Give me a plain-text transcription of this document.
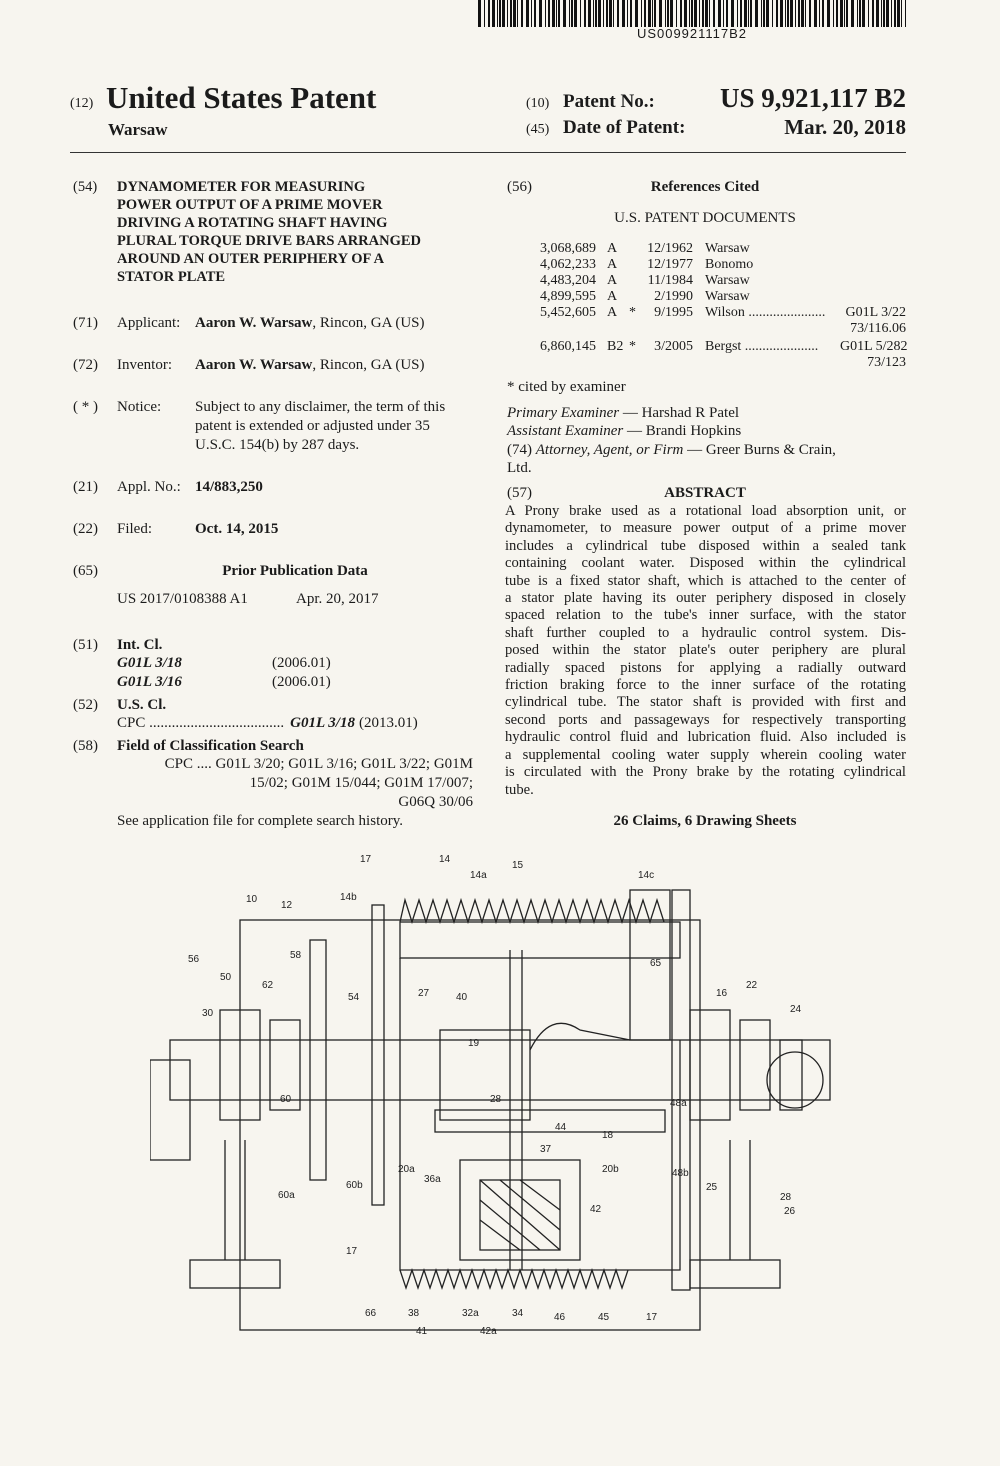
US009921117B2
(12) United States Patent
Warsaw
(10) Patent No.: US 9,921,117 B2
(45) Date of Patent:	Mar. 20, 2018
(54) DYNAMOMETER FOR MEASURING
POWER OUTPUT OF A PRIME MOVER
DRIVING A ROTATING SHAFT HAVING
PLURAL TORQUE DRIVE BARS ARRANGED
AROUND AN OUTER PERIPHERY OF A
STATOR PLATE
(71) Applicant: Aaron W. Warsaw, Rincon, GA (US)
(72) Inventor: Aaron W. Warsaw, Rincon, GA (US)
( * ) Notice: Subject to any disclaimer, the term of this
patent is extended or adjusted under 35
U.S.C. 154(b) by 287 days.
(21) Appl. No.: 14/883,250
(22) Filed:	Oct. 14, 2015
(65)	Prior Publication Data
US 2017/0108388 A1	Apr. 20, 2017
(51) Int. Cl.
G01L 3/18	(2006.01)
G01L 3/16	(2006.01)
(52) U.S. Cl.
CPC .................................... G01L 3/18 (2013.01)
(58) Field of Classification Search
CPC .... G01L 3/20; G01L 3/16; G01L 3/22; G01M
15/02; G01M 15/044; G01M 17/007;
G06Q 30/06
See application file for complete search history.
(56)	References Cited
U.S. PATENT DOCUMENTS
3,068,689 A 12/1962 Warsaw
4,062,233 A 12/1977 Bonomo
4,483,204 A 11/1984 Warsaw
4,899,595 A	2/1990 Warsaw
5,452,605 A *	9/1995 Wilson ......................	G01L 3/22
73/116.06
6,860,145 B2 *	3/2005 Bergst ..................... G01L 5/282
73/123
* cited by examiner
Primary Examiner — Harshad R Patel
Assistant Examiner — Brandi Hopkins
(74) Attorney, Agent, or Firm — Greer Burns & Crain,
Ltd.
(57)	ABSTRACT
A Prony brake used as a rotational load absorption unit, or
dynamometer, to measure power output of a prime mover
includes a cylindrical tube disposed within a sealed tank
containing coolant water. Disposed within the cylindrical
tube is a fixed stator shaft, which is attached to the center of
a stator plate having its outer periphery disposed in closely
spaced relation to the tube's inner surface, with the stator
shaft further coupled to a hydraulic control system. Dis-
posed within the stator plate's outer periphery are plural
radially spaced pistons for applying a radially outward
friction braking force to the inner surface of the rotating
cylindrical tube. The stator shaft is provided with first and
second ports and passageways for respectively transporting
hydraulic control fluid and lubrication fluid. Also included is
a supplemental cooling water supply wherein cooling water
is circulated with the Prony brake by the rotating cylindrical
tube.
26 Claims, 6 Drawing Sheets
17	14
14a
15
14c
10
12
14b
56	58
65
22
50
62
54	27	40	16
24
30
19
60	28	48a
44
18
37
20a	20b	48b
60a
60b
36a
25
28
26
42
17
66	38	32a	34	46	45	17
41	42a
